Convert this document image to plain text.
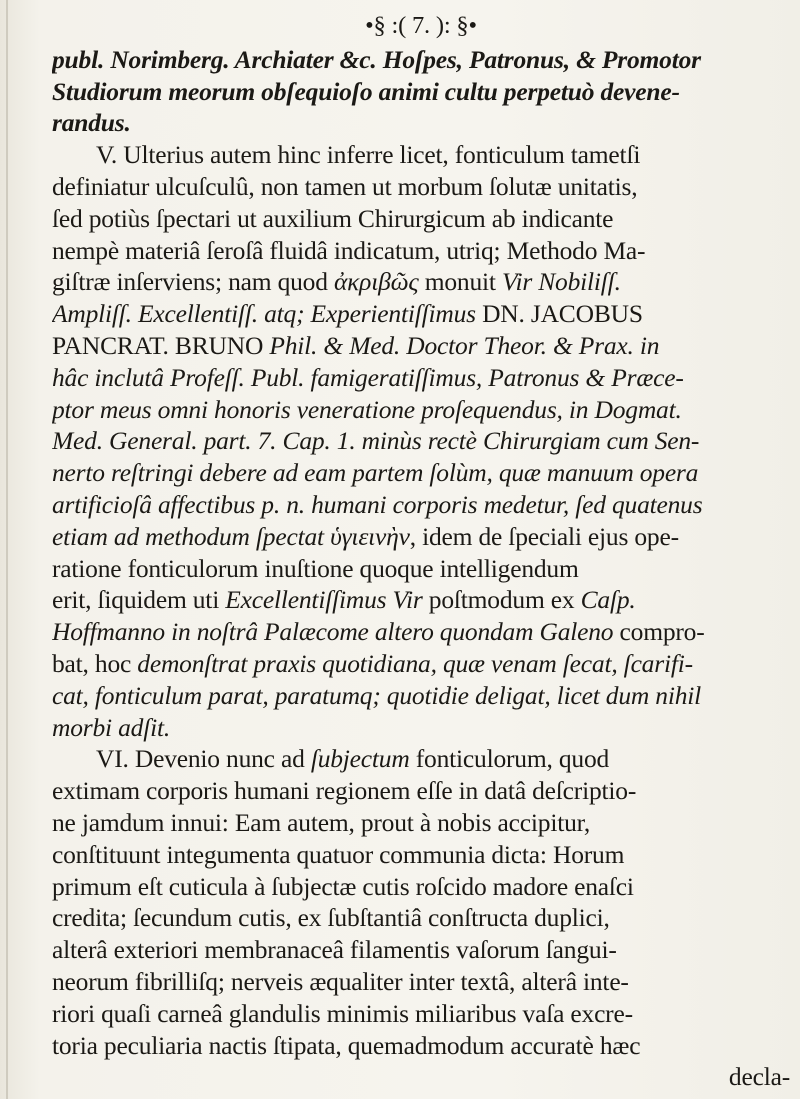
•§ :( 7. ): §•
publ. Norimberg. Archiater &c. Hoſpes, Patronus, & Promotor
Studiorum meorum obſequioſo animi cultu perpetuò devene-
randus.
V. Ulterius autem hinc inferre licet, fonticulum tametſi
definiatur ulcuſculû, non tamen ut morbum ſolutæ unitatis,
ſed potiùs ſpectari ut auxilium Chirurgicum ab indicante
nempè materiâ ſeroſâ fluidâ indicatum, utriq; Methodo Ma-
giſtræ inſerviens; nam quod ἀκριβῶς monuit Vir Nobiliſſ.
Ampliſſ. Excellentiſſ. atq; Experientiſſimus DN. JACOBUS
PANCRAT. BRUNO Phil. & Med. Doctor Theor. & Prax. in
hâc inclutâ Profeſſ. Publ. famigeratiſſimus, Patronus & Præce-
ptor meus omni honoris veneratione proſequendus, in Dogmat.
Med. General. part. 7. Cap. 1. minùs rectè Chirurgiam cum Sen-
nerto reſtringi debere ad eam partem ſolùm, quæ manuum opera
artificioſâ affectibus p. n. humani corporis medetur, ſed quatenus
etiam ad methodum ſpectat ὑγιεινὴν, idem de ſpeciali ejus ope-
ratione fonticulorum inuſtione quoque intelligendum
erit, ſiquidem uti Excellentiſſimus Vir poſtmodum ex Caſp.
Hoffmanno in noſtrâ Palæcome altero quondam Galeno compro-
bat, hoc demonſtrat praxis quotidiana, quæ venam ſecat, ſcarifi-
cat, fonticulum parat, paratumq; quotidie deligat, licet dum nihil
morbi adſit.
VI. Devenio nunc ad ſubjectum fonticulorum, quod
extimam corporis humani regionem eſſe in datâ deſcriptio-
ne jamdum innui: Eam autem, prout à nobis accipitur,
conſtituunt integumenta quatuor communia dicta: Horum
primum eſt cuticula à ſubjectæ cutis roſcido madore enaſci
credita; ſecundum cutis, ex ſubſtantiâ conſtructa duplici,
alterâ exteriori membranaceâ filamentis vaſorum ſangui-
neorum fibrilliſq; nerveis æqualiter inter textâ, alterâ inte-
riori quaſi carneâ glandulis minimis miliaribus vaſa excre-
toria peculiaria nactis ſtipata, quemadmodum accuratè hæc
decla-
